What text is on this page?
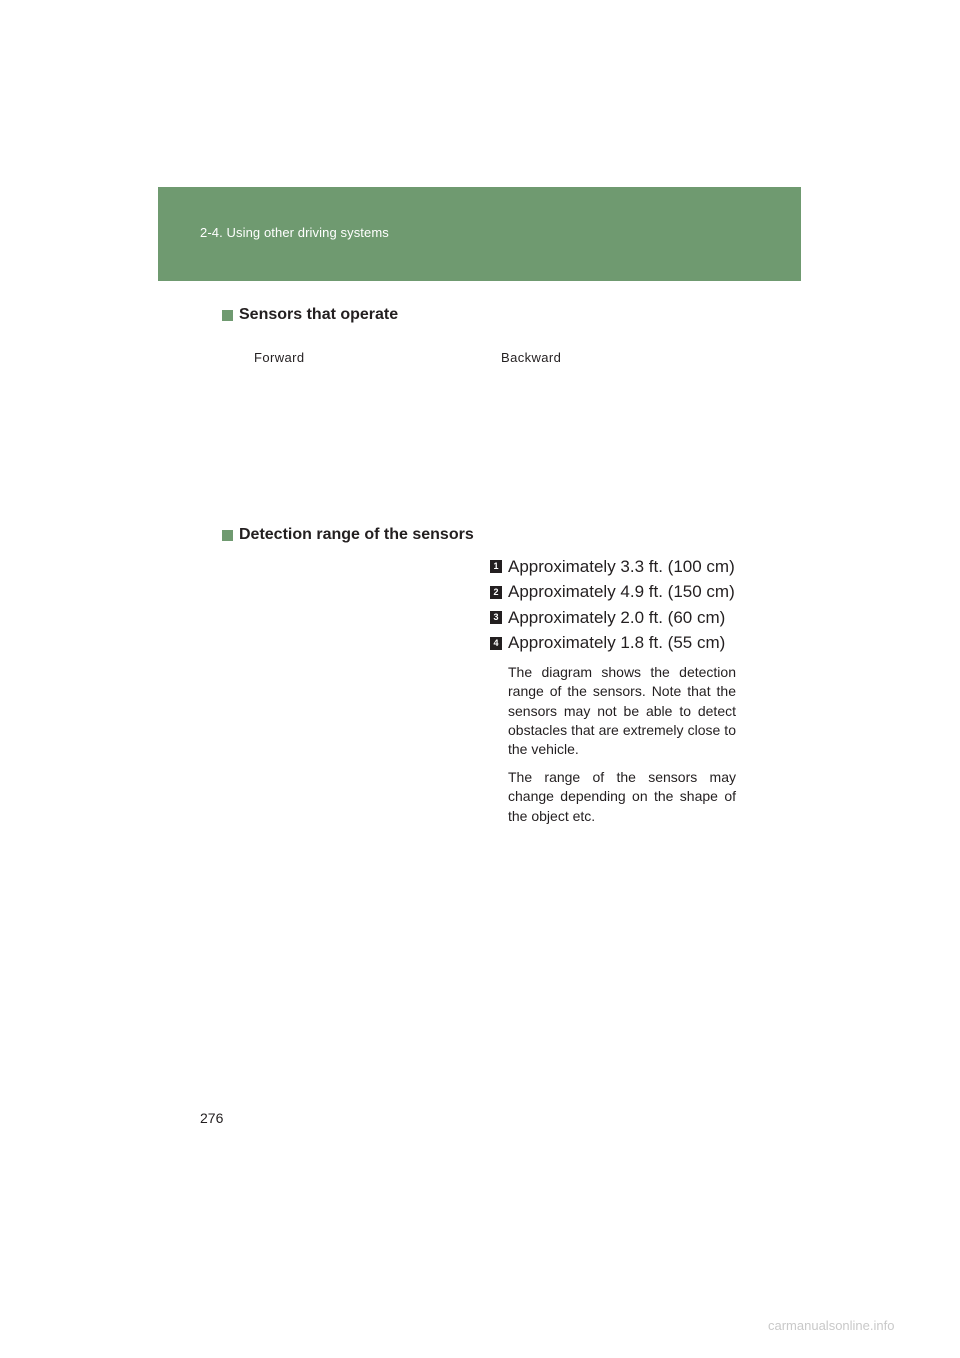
2-4. Using other driving systems
Sensors that operate
Forward	Backward
Detection range of the sensors
1 Approximately 3.3 ft. (100 cm)
2 Approximately 4.9 ft. (150 cm)
3 Approximately 2.0 ft. (60 cm)
4 Approximately 1.8 ft. (55 cm)

The diagram shows the detection range of the sensors. Note that the sensors may not be able to detect obstacles that are extremely close to the vehicle.

The range of the sensors may change depending on the shape of the object etc.

276
carmanualsonline.info
